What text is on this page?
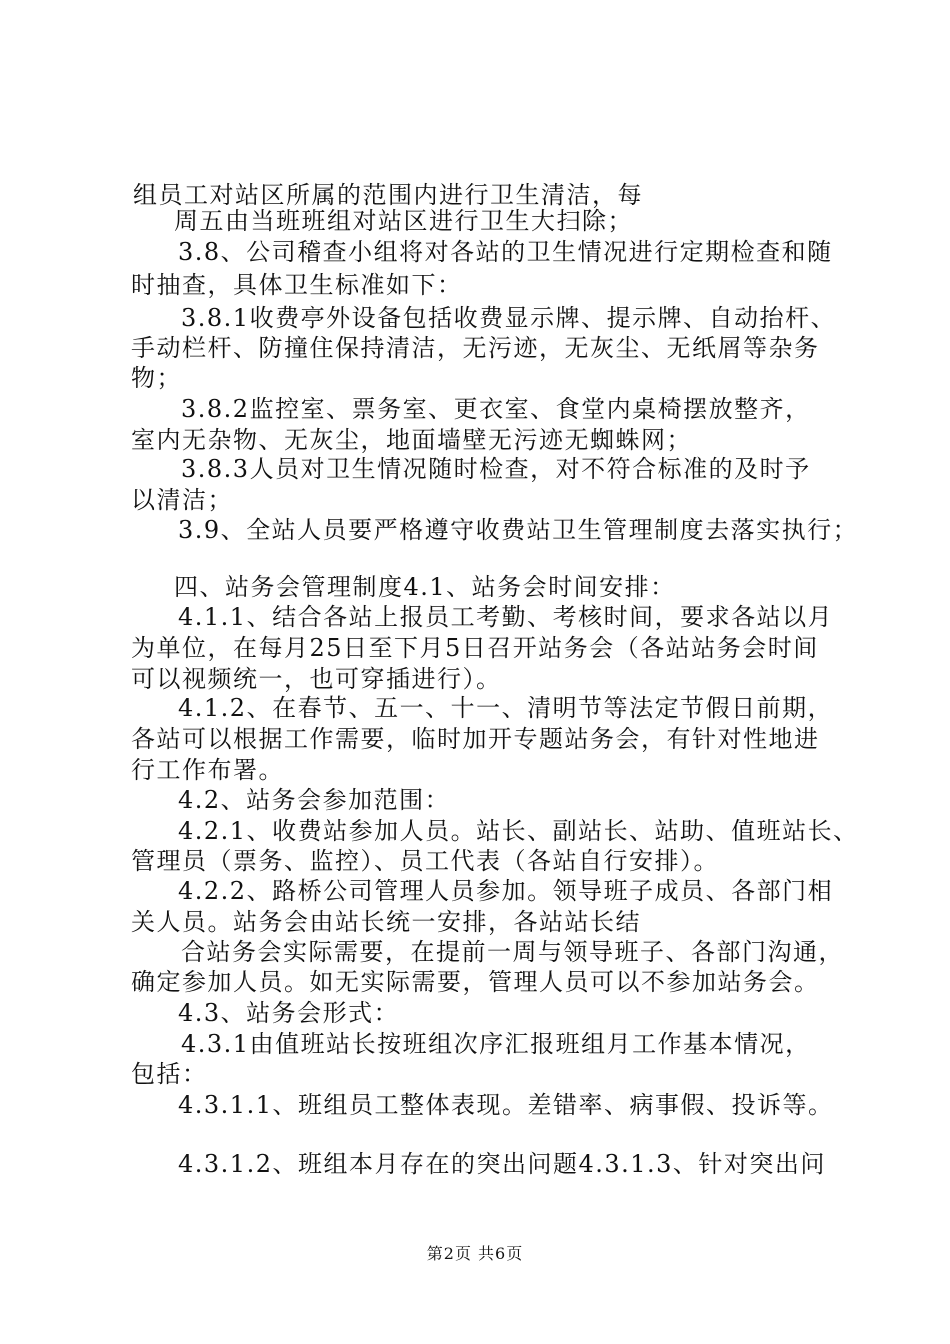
组员工对站区所属的范围内进行卫生清洁，每
周五由当班班组对站区进行卫生大扫除；
3.8、公司稽查小组将对各站的卫生情况进行定期检查和随
时抽查，具体卫生标准如下：
3.8.1收费亭外设备包括收费显示牌、提示牌、自动抬杆、
手动栏杆、防撞住保持清洁，无污迹，无灰尘、无纸屑等杂务
物；
3.8.2监控室、票务室、更衣室、食堂内桌椅摆放整齐，
室内无杂物、无灰尘，地面墙壁无污迹无蜘蛛网；
3.8.3人员对卫生情况随时检查，对不符合标准的及时予
以清洁；
3.9、全站人员要严格遵守收费站卫生管理制度去落实执行；
四、站务会管理制度4.1、站务会时间安排：
4.1.1、结合各站上报员工考勤、考核时间，要求各站以月
为单位，在每月25日至下月5日召开站务会（各站站务会时间
可以视频统一，也可穿插进行）。
4.1.2、在春节、五一、十一、清明节等法定节假日前期，
各站可以根据工作需要，临时加开专题站务会，有针对性地进
行工作布署。
4.2、站务会参加范围：
4.2.1、收费站参加人员。站长、副站长、站助、值班站长、
管理员（票务、监控）、员工代表（各站自行安排）。
4.2.2、路桥公司管理人员参加。领导班子成员、各部门相
关人员。站务会由站长统一安排，各站站长结
合站务会实际需要，在提前一周与领导班子、各部门沟通，
确定参加人员。如无实际需要，管理人员可以不参加站务会。
4.3、站务会形式：
4.3.1由值班站长按班组次序汇报班组月工作基本情况，
包括：
4.3.1.1、班组员工整体表现。差错率、病事假、投诉等。
4.3.1.2、班组本月存在的突出问题4.3.1.3、针对突出问
第2页 共6页
